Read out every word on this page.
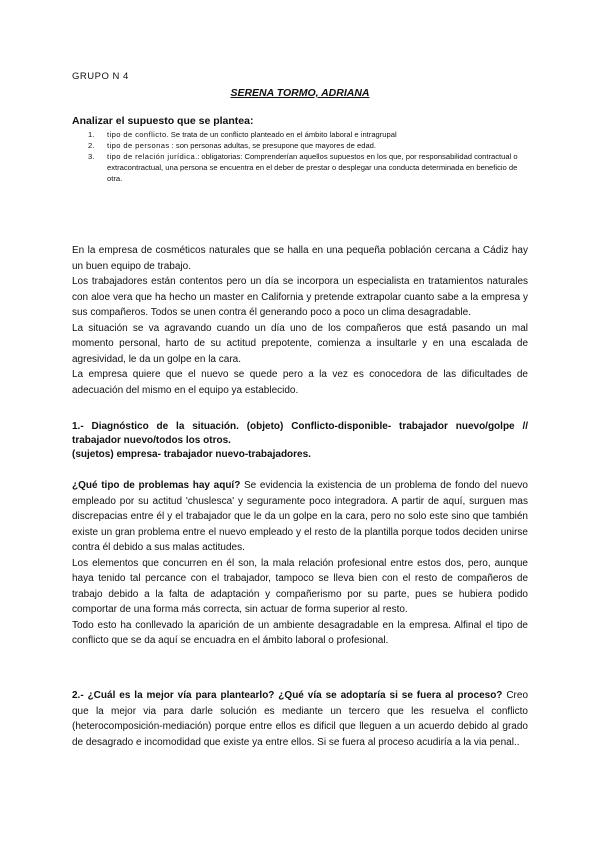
GRUPO N 4
SERENA TORMO, ADRIANA
Analizar el supuesto que se plantea:
1. tipo de conflicto. Se trata de un conflicto planteado en el ámbito laboral e intragrupal
2. tipo de personas : son personas adultas, se presupone que mayores de edad.
3. tipo de relación jurídica.: obligatorias: Comprenderían aquellos supuestos en los que, por responsabilidad contractual o extracontractual, una persona se encuentra en el deber de prestar o desplegar una conducta determinada en beneficio de otra.

En la empresa de cosméticos naturales que se halla en una pequeña población cercana a Cádiz hay un buen equipo de trabajo.

Los trabajadores están contentos pero un día se incorpora un especialista en tratamientos naturales con aloe vera que ha hecho un master en California y pretende extrapolar cuanto sabe a la empresa y sus compañeros. Todos se unen contra él generando poco a poco un clima desagradable.

La situación se va agravando cuando un día uno de los compañeros que está pasando un mal momento personal, harto de su actitud prepotente, comienza a insultarle y en una escalada de agresividad, le da un golpe en la cara.

La empresa quiere que el nuevo se quede pero a la vez es conocedora de las dificultades de adecuación del mismo en el equipo ya establecido.

1.- Diagnóstico de la situación. (objeto) Conflicto-disponible- trabajador nuevo/golpe // trabajador nuevo/todos los otros.

(sujetos) empresa- trabajador nuevo-trabajadores.

¿Qué tipo de problemas hay aquí? Se evidencia la existencia de un problema de fondo del nuevo empleado por su actitud 'chuslesca' y seguramente poco integradora. A partir de aquí, surguen mas discrepacias entre él y el trabajador que le da un golpe en la cara, pero no solo este sino que también existe un gran problema entre el nuevo empleado y el resto de la plantilla porque todos deciden unirse contra él debido a sus malas actitudes.

Los elementos que concurren en él son, la mala relación profesional entre estos dos, pero, aunque haya tenido tal percance con el trabajador, tampoco se lleva bien con el resto de compañeros de trabajo debido a la falta de adaptación y compañerismo por su parte, pues se hubiera podido comportar de una forma más correcta, sin actuar de forma superior al resto.

Todo esto ha conllevado la aparición de un ambiente desagradable en la empresa. Alfinal el tipo de conflicto que se da aquí se encuadra en el ámbito laboral o profesional.

2.- ¿Cuál es la mejor vía para plantearlo? ¿Qué vía se adoptaría si se fuera al proceso? Creo que la mejor via para darle solución es mediante un tercero que les resuelva el conflicto (heterocomposición-mediación) porque entre ellos es dificil que lleguen a un acuerdo debido al grado de desagrado e incomodidad que existe ya entre ellos. Si se fuera al proceso acudiría a la via penal..
